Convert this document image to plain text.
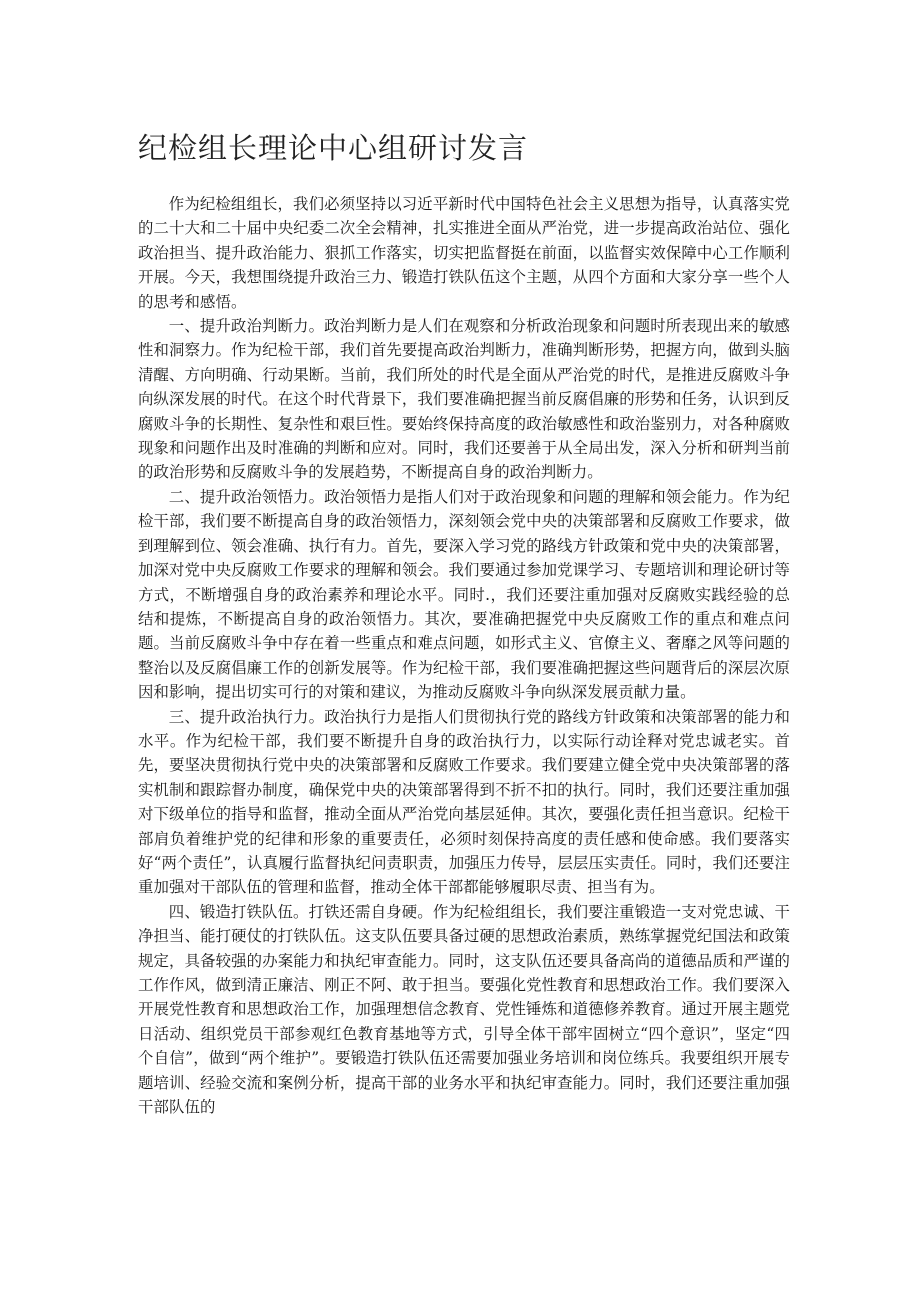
纪检组长理论中心组研讨发言

作为纪检组组长，我们必须坚持以习近平新时代中国特色社会主义思想为指导，认真落实党的二十大和二十届中央纪委二次全会精神，扎实推进全面从严治党，进一步提高政治站位、强化政治担当、提升政治能力、狠抓工作落实，切实把监督挺在前面，以监督实效保障中心工作顺利开展。今天，我想围绕提升政治三力、锻造打铁队伍这个主题，从四个方面和大家分享一些个人的思考和感悟。

一、提升政治判断力。政治判断力是人们在观察和分析政治现象和问题时所表现出来的敏感性和洞察力。作为纪检干部，我们首先要提高政治判断力，准确判断形势，把握方向，做到头脑清醒、方向明确、行动果断。当前，我们所处的时代是全面从严治党的时代，是推进反腐败斗争向纵深发展的时代。在这个时代背景下，我们要准确把握当前反腐倡廉的形势和任务，认识到反腐败斗争的长期性、复杂性和艰巨性。要始终保持高度的政治敏感性和政治鉴别力，对各种腐败现象和问题作出及时准确的判断和应对。同时，我们还要善于从全局出发，深入分析和研判当前的政治形势和反腐败斗争的发展趋势，不断提高自身的政治判断力。

二、提升政治领悟力。政治领悟力是指人们对于政治现象和问题的理解和领会能力。作为纪检干部，我们要不断提高自身的政治领悟力，深刻领会党中央的决策部署和反腐败工作要求，做到理解到位、领会准确、执行有力。首先，要深入学习党的路线方针政策和党中央的决策部署，加深对党中央反腐败工作要求的理解和领会。我们要通过参加党课学习、专题培训和理论研讨等方式，不断增强自身的政治素养和理论水平。同时.，我们还要注重加强对反腐败实践经验的总结和提炼，不断提高自身的政治领悟力。其次，要准确把握党中央反腐败工作的重点和难点问题。当前反腐败斗争中存在着一些重点和难点问题，如形式主义、官僚主义、奢靡之风等问题的整治以及反腐倡廉工作的创新发展等。作为纪检干部，我们要准确把握这些问题背后的深层次原因和影响，提出切实可行的对策和建议，为推动反腐败斗争向纵深发展贡献力量。

三、提升政治执行力。政治执行力是指人们贯彻执行党的路线方针政策和决策部署的能力和水平。作为纪检干部，我们要不断提升自身的政治执行力，以实际行动诠释对党忠诚老实。首先，要坚决贯彻执行党中央的决策部署和反腐败工作要求。我们要建立健全党中央决策部署的落实机制和跟踪督办制度，确保党中央的决策部署得到不折不扣的执行。同时，我们还要注重加强对下级单位的指导和监督，推动全面从严治党向基层延伸。其次，要强化责任担当意识。纪检干部肩负着维护党的纪律和形象的重要责任，必须时刻保持高度的责任感和使命感。我们要落实好“两个责任”，认真履行监督执纪问责职责，加强压力传导，层层压实责任。同时，我们还要注重加强对干部队伍的管理和监督，推动全体干部都能够履职尽责、担当有为。

四、锻造打铁队伍。打铁还需自身硬。作为纪检组组长，我们要注重锻造一支对党忠诚、干净担当、能打硬仗的打铁队伍。这支队伍要具备过硬的思想政治素质，熟练掌握党纪国法和政策规定，具备较强的办案能力和执纪审查能力。同时，这支队伍还要具备高尚的道德品质和严谨的工作作风，做到清正廉洁、刚正不阿、敢于担当。要强化党性教育和思想政治工作。我们要深入开展党性教育和思想政治工作，加强理想信念教育、党性锤炼和道德修养教育。通过开展主题党日活动、组织党员干部参观红色教育基地等方式，引导全体干部牢固树立“四个意识”，坚定“四个自信”，做到“两个维护”。要锻造打铁队伍还需要加强业务培训和岗位练兵。我要组织开展专题培训、经验交流和案例分析，提高干部的业务水平和执纪审查能力。同时，我们还要注重加强干部队伍的
